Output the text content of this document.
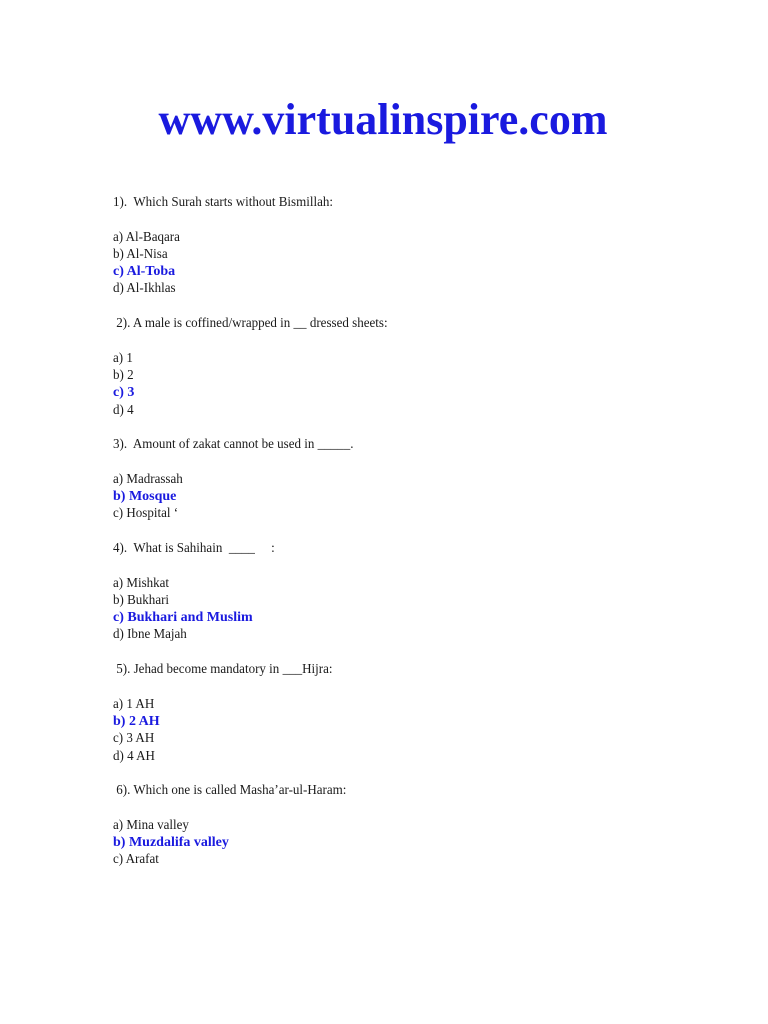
www.virtualinspire.com
1).  Which Surah starts without Bismillah:
a) Al-Baqara
b) Al-Nisa
c) Al-Toba
d) Al-Ikhlas
2). A male is coffined/wrapped in __ dressed sheets:
a) 1
b) 2
c) 3
d) 4
3).  Amount of zakat cannot be used in _____.
a) Madrassah
b) Mosque
c) Hospital ‘
4).  What is Sahihain  ____     :
a) Mishkat
b) Bukhari
c) Bukhari and Muslim
d) Ibne Majah
5). Jehad become mandatory in ___Hijra:
a) 1 AH
b) 2 AH
c) 3 AH
d) 4 AH
6). Which one is called Masha’ar-ul-Haram:
a) Mina valley
b) Muzdalifa valley
c) Arafat
